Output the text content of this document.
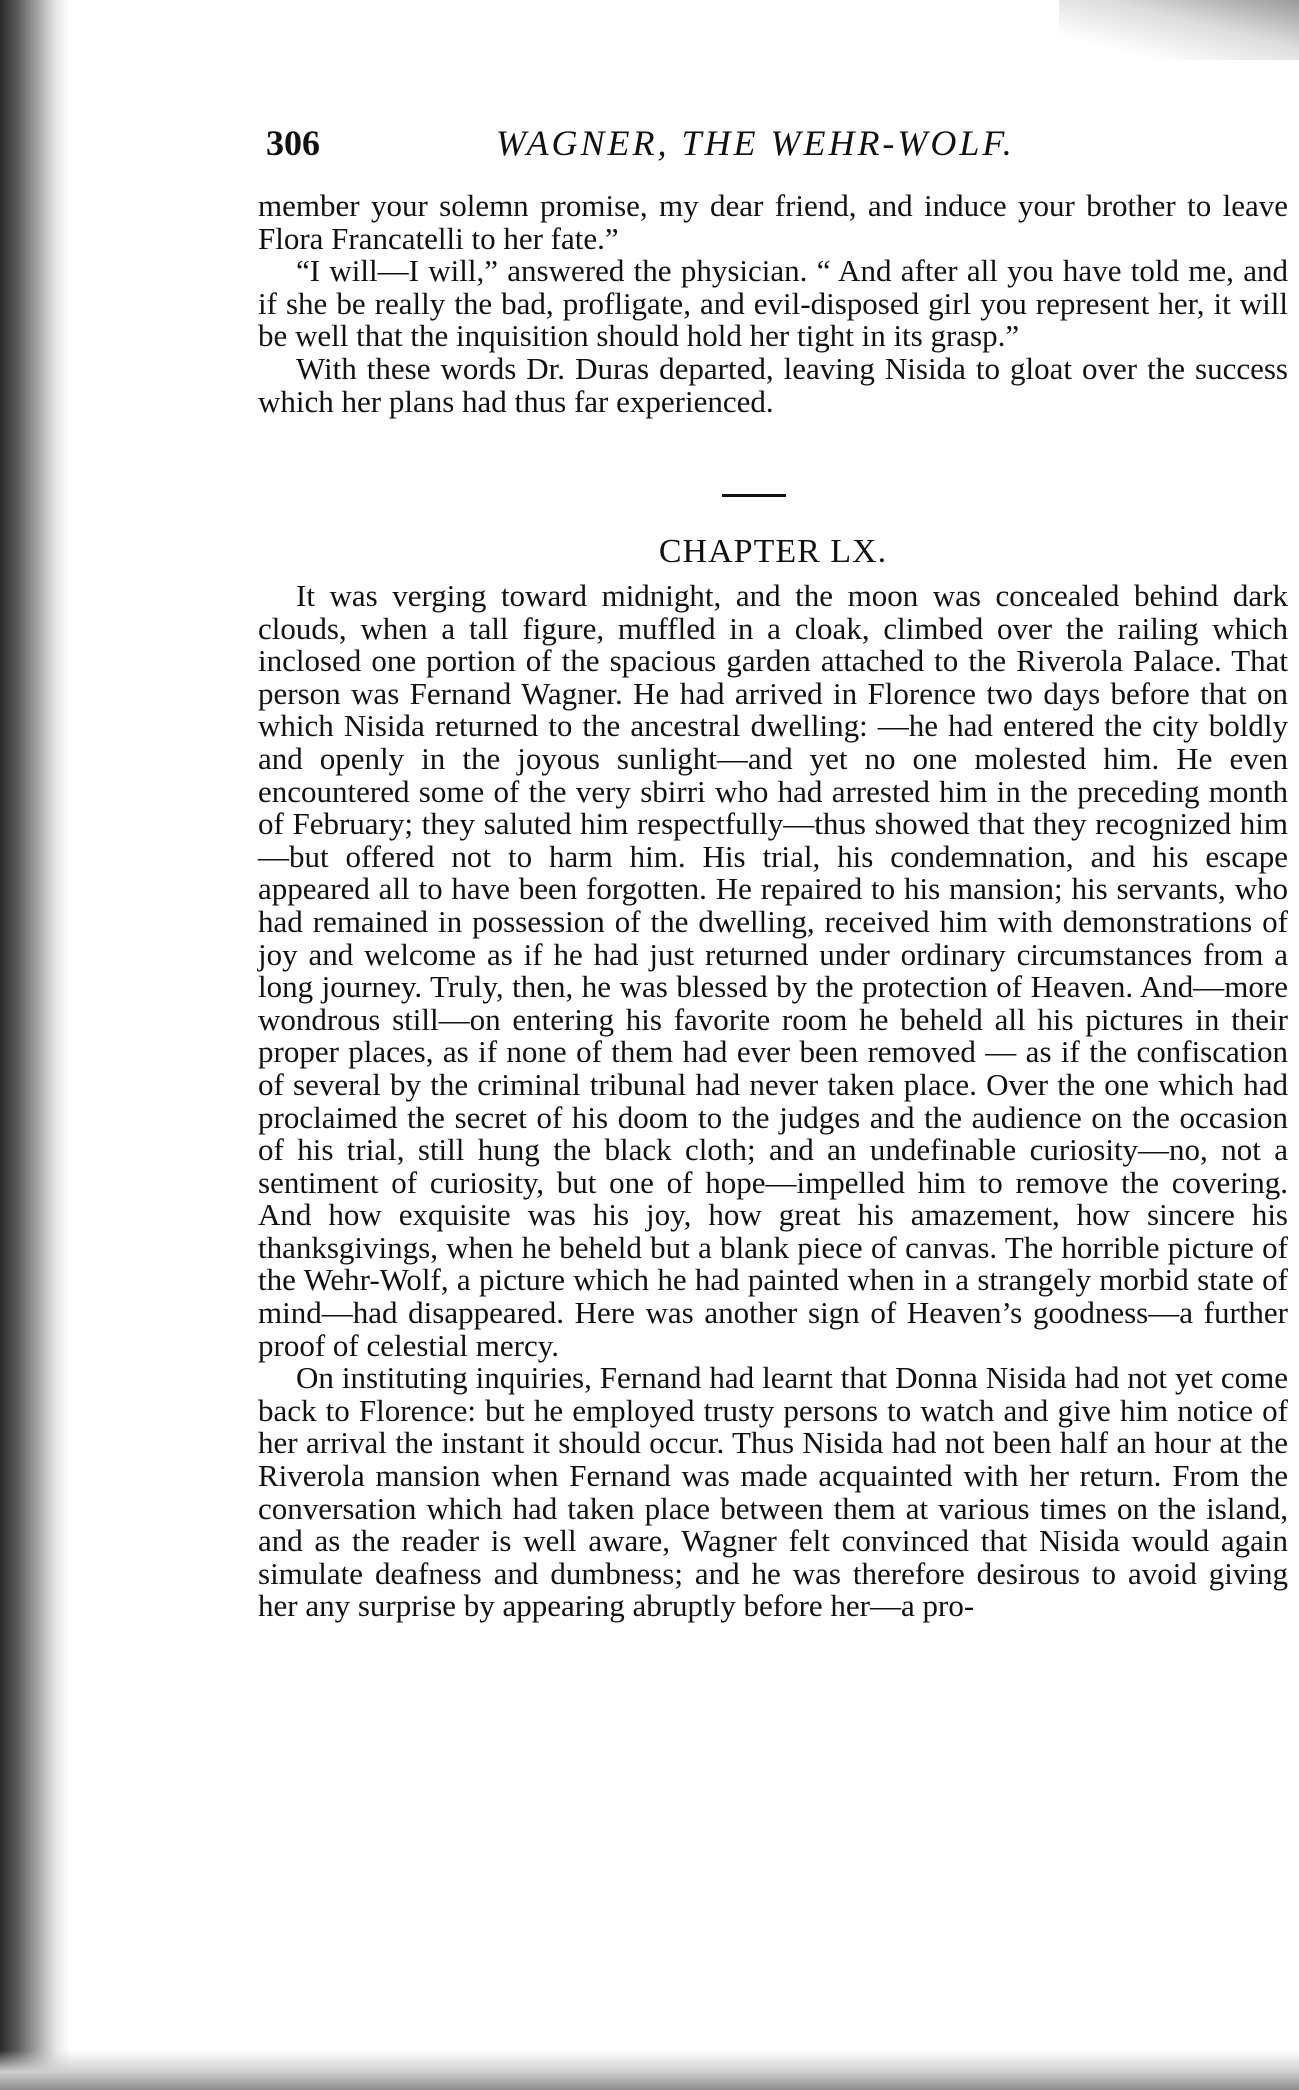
306	WAGNER, THE WEHR-WOLF.

member your solemn promise, my dear friend, and induce your brother to leave Flora Francatelli to her fate.”

“I will—I will,” answered the physician. “ And after all you have told me, and if she be really the bad, profligate, and evil-disposed girl you represent her, it will be well that the inquisition should hold her tight in its grasp.”

With these words Dr. Duras departed, leaving Nisida to gloat over the success which her plans had thus far experienced.

CHAPTER LX.

It was verging toward midnight, and the moon was concealed behind dark clouds, when a tall figure, muffled in a cloak, climbed over the railing which inclosed one portion of the spacious garden attached to the Riverola Palace. That person was Fernand Wagner. He had arrived in Florence two days before that on which Nisida returned to the ancestral dwelling: —he had entered the city boldly and openly in the joyous sunlight—and yet no one molested him. He even encountered some of the very sbirri who had arrested him in the preceding month of February; they saluted him respectfully—thus showed that they recognized him—but offered not to harm him. His trial, his condemnation, and his escape appeared all to have been forgotten. He repaired to his mansion; his servants, who had remained in possession of the dwelling, received him with demonstrations of joy and welcome as if he had just returned under ordinary circumstances from a long journey. Truly, then, he was blessed by the protection of Heaven. And—more wondrous still—on entering his favorite room he beheld all his pictures in their proper places, as if none of them had ever been removed — as if the confiscation of several by the criminal tribunal had never taken place. Over the one which had proclaimed the secret of his doom to the judges and the audience on the occasion of his trial, still hung the black cloth; and an undefinable curiosity—no, not a sentiment of curiosity, but one of hope—impelled him to remove the covering. And how exquisite was his joy, how great his amazement, how sincere his thanksgivings, when he beheld but a blank piece of canvas. The horrible picture of the Wehr-Wolf, a picture which he had painted when in a strangely morbid state of mind—had disappeared. Here was another sign of Heaven’s goodness—a further proof of celestial mercy.

On instituting inquiries, Fernand had learnt that Donna Nisida had not yet come back to Florence: but he employed trusty persons to watch and give him notice of her arrival the instant it should occur. Thus Nisida had not been half an hour at the Riverola mansion when Fernand was made acquainted with her return. From the conversation which had taken place between them at various times on the island, and as the reader is well aware, Wagner felt convinced that Nisida would again simulate deafness and dumbness; and he was therefore desirous to avoid giving her any surprise by appearing abruptly before her—a pro-
